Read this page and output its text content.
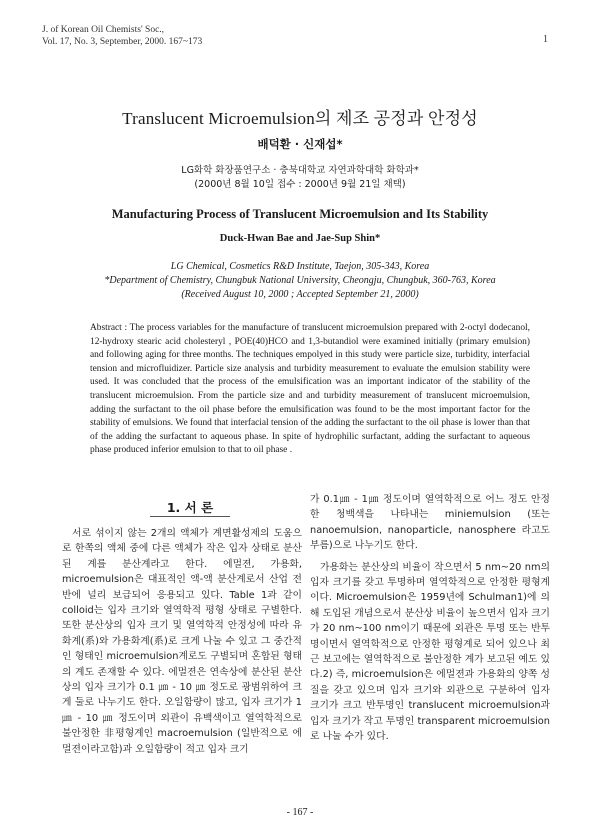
J. of Korean Oil Chemists' Soc.,
Vol. 17, No. 3, September, 2000. 167~173	1
Translucent Microemulsion의 제조 공정과 안정성
배덕환 · 신재섭*
LG화학 화장품연구소 · 충북대학교 자연과학대학 화학과*
(2000년 8월 10일 접수 : 2000년 9월 21일 채택)
Manufacturing Process of Translucent Microemulsion and Its Stability
Duck-Hwan Bae and Jae-Sup Shin*
LG Chemical, Cosmetics R&D Institute, Taejon, 305-343, Korea
*Department of Chemistry, Chungbuk National University, Cheongju, Chungbuk, 360-763, Korea
(Received August 10, 2000 ; Accepted September 21, 2000)
Abstract : The process variables for the manufacture of translucent microemulsion prepared with 2-octyl dodecanol, 12-hydroxy stearic acid cholesteryl , POE(40)HCO and 1,3-butandiol were examined initially (primary emulsion) and following aging for three months. The techniques empolyed in this study were particle size, turbidity, interfacial tension and microfluidizer. Particle size analysis and turbidity measurement to evaluate the emulsion stability were used. It was concluded that the process of the emulsification was an important indicator of the stability of the translucent microemulsion. From the particle size and and turbidity measurement of translucent microemulsion, adding the surfactant to the oil phase before the emulsification was found to be the most important factor for the stability of emulsions. We found that interfacial tension of the adding the surfactant to the oil phase is lower than that of the adding the surfactant to aqueous phase. In spite of hydrophilic surfactant, adding the surfactant to aqueous phase produced inferior emulsion to that to oil phase .
1. 서 론

서로 섞이지 않는 2개의 액체가 계면활성제의 도움으로 한쪽의 액체 중에 다른 액체가 작은 입자 상태로 분산된 계를 분산계라고 한다. 에멀젼, 가용화, microemulsion은 대표적인 액-액 분산계로서 산업 전반에 널리 보급되어 응용되고 있다. Table 1과 같이 colloid는 입자 크기와 열역학적 평형 상태로 구별한다. 또한 분산상의 입자 크기 및 열역학적 안정성에 따라 유화계(系)와 가용화계(系)로 크게 나눌 수 있고 그 중간적인 형태인 microemulsion계로도 구별되며 혼합된 형태의 계도 존재할 수 있다. 에멀젼은 연속상에 분산된 분산상의 입자 크기가 0.1 ㎛ - 10 ㎛ 정도로 광범위하여 크게 둘로 나누기도 한다. 오일함량이 많고, 입자 크기가 1㎛ - 10 ㎛ 정도이며 외관이 유백색이고 열역학적으로 불안정한 非평형계인 macroemulsion (일반적으로 에멀젼이라고함)과 오일함량이 적고 입자 크기

가 0.1㎛ - 1㎛ 정도이며 열역학적으로 어느 정도 안정한 청백색을 나타내는 miniemulsion (또는 nanoemulsion, nanoparticle, nanosphere 라고도 부름)으로 나누기도 한다.

가용화는 분산상의 비율이 작으면서 5 nm~20 nm의 입자 크기를 갖고 투명하며 열역학적으로 안정한 평형계이다. Microemulsion은 1959년에 Schulman1)에 의해 도입된 개념으로서 분산상 비율이 높으면서 입자 크기가 20 nm~100 nm이기 때문에 외관은 투명 또는 반투명이면서 열역학적으로 안정한 평형계로 되어 있으나 최근 보고에는 열역학적으로 불안정한 계가 보고된 예도 있다.2) 즉, microemulsion은 에멀젼과 가용화의 양쪽 성질을 갖고 있으며 입자 크기와 외관으로 구분하여 입자 크기가 크고 반투명인 translucent microemulsion과 입자 크기가 작고 투명인 transparent microemulsion로 나눌 수가 있다.

- 167 -
